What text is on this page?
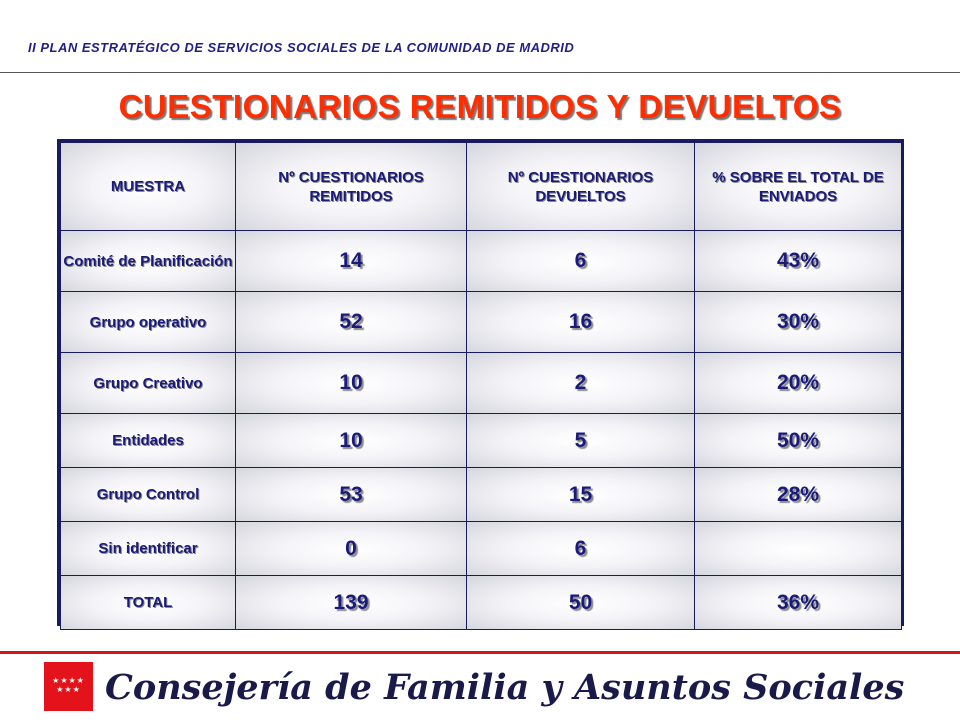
II PLAN ESTRATÉGICO DE SERVICIOS SOCIALES DE LA COMUNIDAD DE MADRID
CUESTIONARIOS REMITIDOS Y DEVUELTOS
MUESTRA	Nº CUESTIONARIOS REMITIDOS	Nº CUESTIONARIOS DEVUELTOS	% SOBRE EL TOTAL DE ENVIADOS
Comité de Planificación	14	6	43%
Grupo operativo	52	16	30%
Grupo Creativo	10	2	20%
Entidades	10	5	50%
Grupo Control	53	15	28%
Sin identificar	0	6	
TOTAL	139	50	36%
★★★★ ★★★ Consejería de Familia y Asuntos Sociales
